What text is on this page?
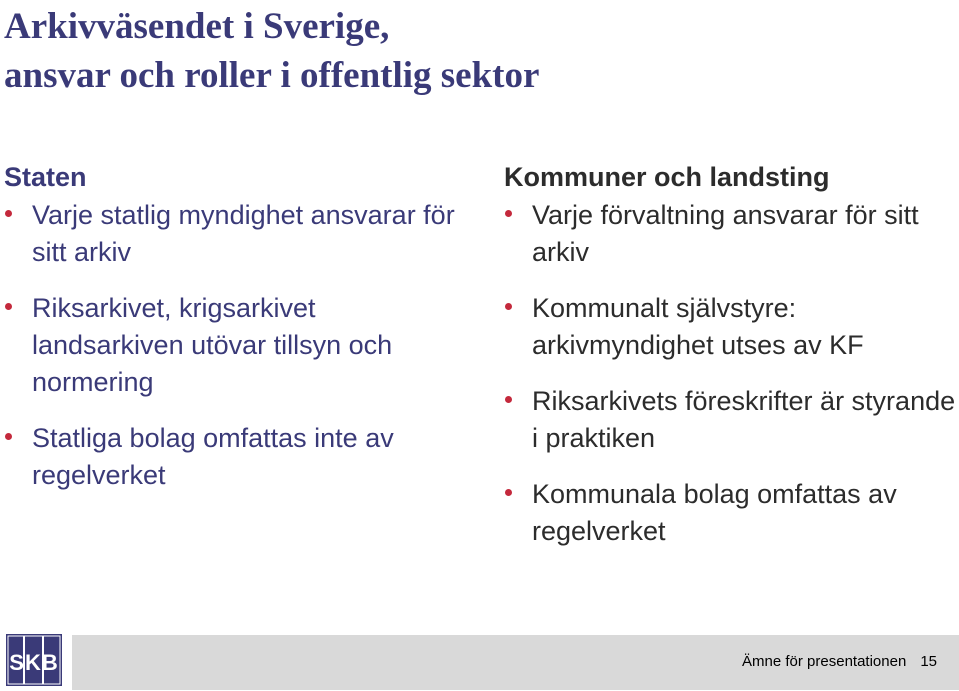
Arkivväsendet i Sverige,
ansvar och roller i offentlig sektor
Staten
Varje statlig myndighet ansvarar för sitt arkiv
Riksarkivet, krigsarkivet landsarkiven utövar tillsyn och normering
Statliga bolag omfattas inte av regelverket
Kommuner och landsting
Varje förvaltning ansvarar för sitt arkiv
Kommunalt självstyre: arkivmyndighet utses av KF
Riksarkivets föreskrifter är styrande i praktiken
Kommunala bolag omfattas av regelverket
SKB	Ämne för presentationen 15
